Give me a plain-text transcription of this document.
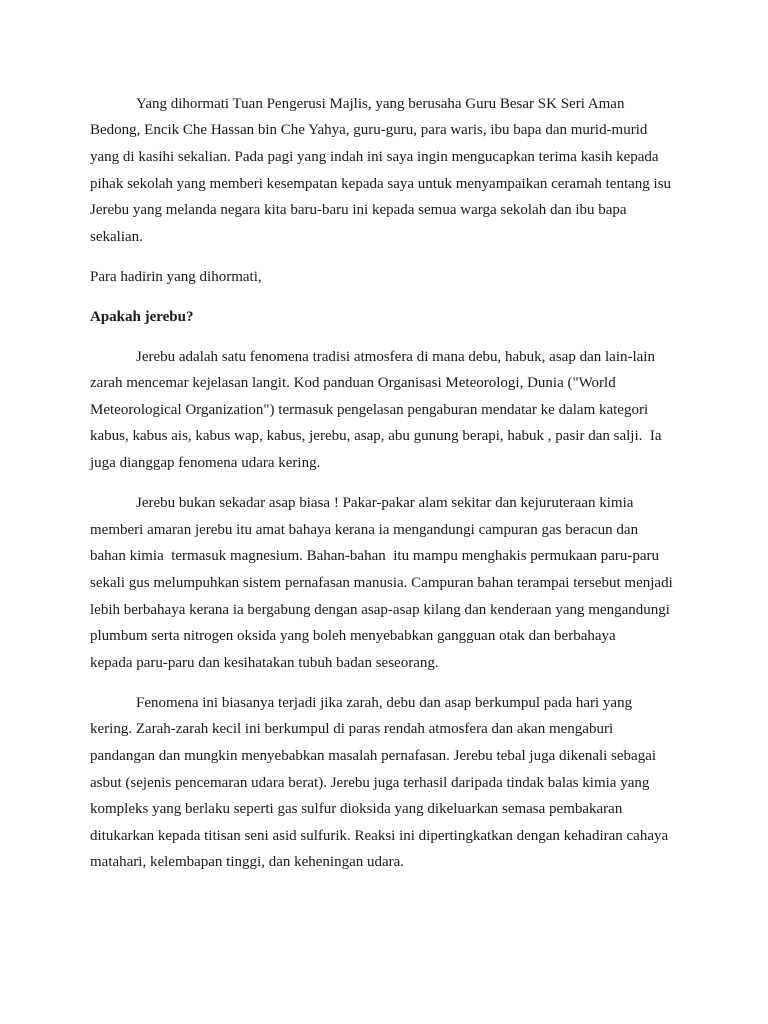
Yang dihormati Tuan Pengerusi Majlis, yang berusaha Guru Besar SK Seri Aman
Bedong, Encik Che Hassan bin Che Yahya, guru-guru, para waris, ibu bapa dan murid-murid
yang di kasihi sekalian. Pada pagi yang indah ini saya ingin mengucapkan terima kasih kepada
pihak sekolah yang memberi kesempatan kepada saya untuk menyampaikan ceramah tentang isu
Jerebu yang melanda negara kita baru-baru ini kepada semua warga sekolah dan ibu bapa
sekalian.
Para hadirin yang dihormati,
Apakah jerebu?
Jerebu adalah satu fenomena tradisi atmosfera di mana debu, habuk, asap dan lain-lain
zarah mencemar kejelasan langit. Kod panduan Organisasi Meteorologi, Dunia ("World
Meteorological Organization") termasuk pengelasan pengaburan mendatar ke dalam kategori
kabus, kabus ais, kabus wap, kabus, jerebu, asap, abu gunung berapi, habuk , pasir dan salji.  Ia
juga dianggap fenomena udara kering.
Jerebu bukan sekadar asap biasa ! Pakar-pakar alam sekitar dan kejuruteraan kimia
memberi amaran jerebu itu amat bahaya kerana ia mengandungi campuran gas beracun dan
bahan kimia  termasuk magnesium. Bahan-bahan  itu mampu menghakis permukaan paru-paru
sekali gus melumpuhkan sistem pernafasan manusia. Campuran bahan terampai tersebut menjadi
lebih berbahaya kerana ia bergabung dengan asap-asap kilang dan kenderaan yang mengandungi
plumbum serta nitrogen oksida yang boleh menyebabkan gangguan otak dan berbahaya
kepada paru-paru dan kesihatakan tubuh badan seseorang.
Fenomena ini biasanya terjadi jika zarah, debu dan asap berkumpul pada hari yang
kering. Zarah-zarah kecil ini berkumpul di paras rendah atmosfera dan akan mengaburi
pandangan dan mungkin menyebabkan masalah pernafasan. Jerebu tebal juga dikenali sebagai
asbut (sejenis pencemaran udara berat). Jerebu juga terhasil daripada tindak balas kimia yang
kompleks yang berlaku seperti gas sulfur dioksida yang dikeluarkan semasa pembakaran
ditukarkan kepada titisan seni asid sulfurik. Reaksi ini dipertingkatkan dengan kehadiran cahaya
matahari, kelembapan tinggi, dan keheningan udara.
